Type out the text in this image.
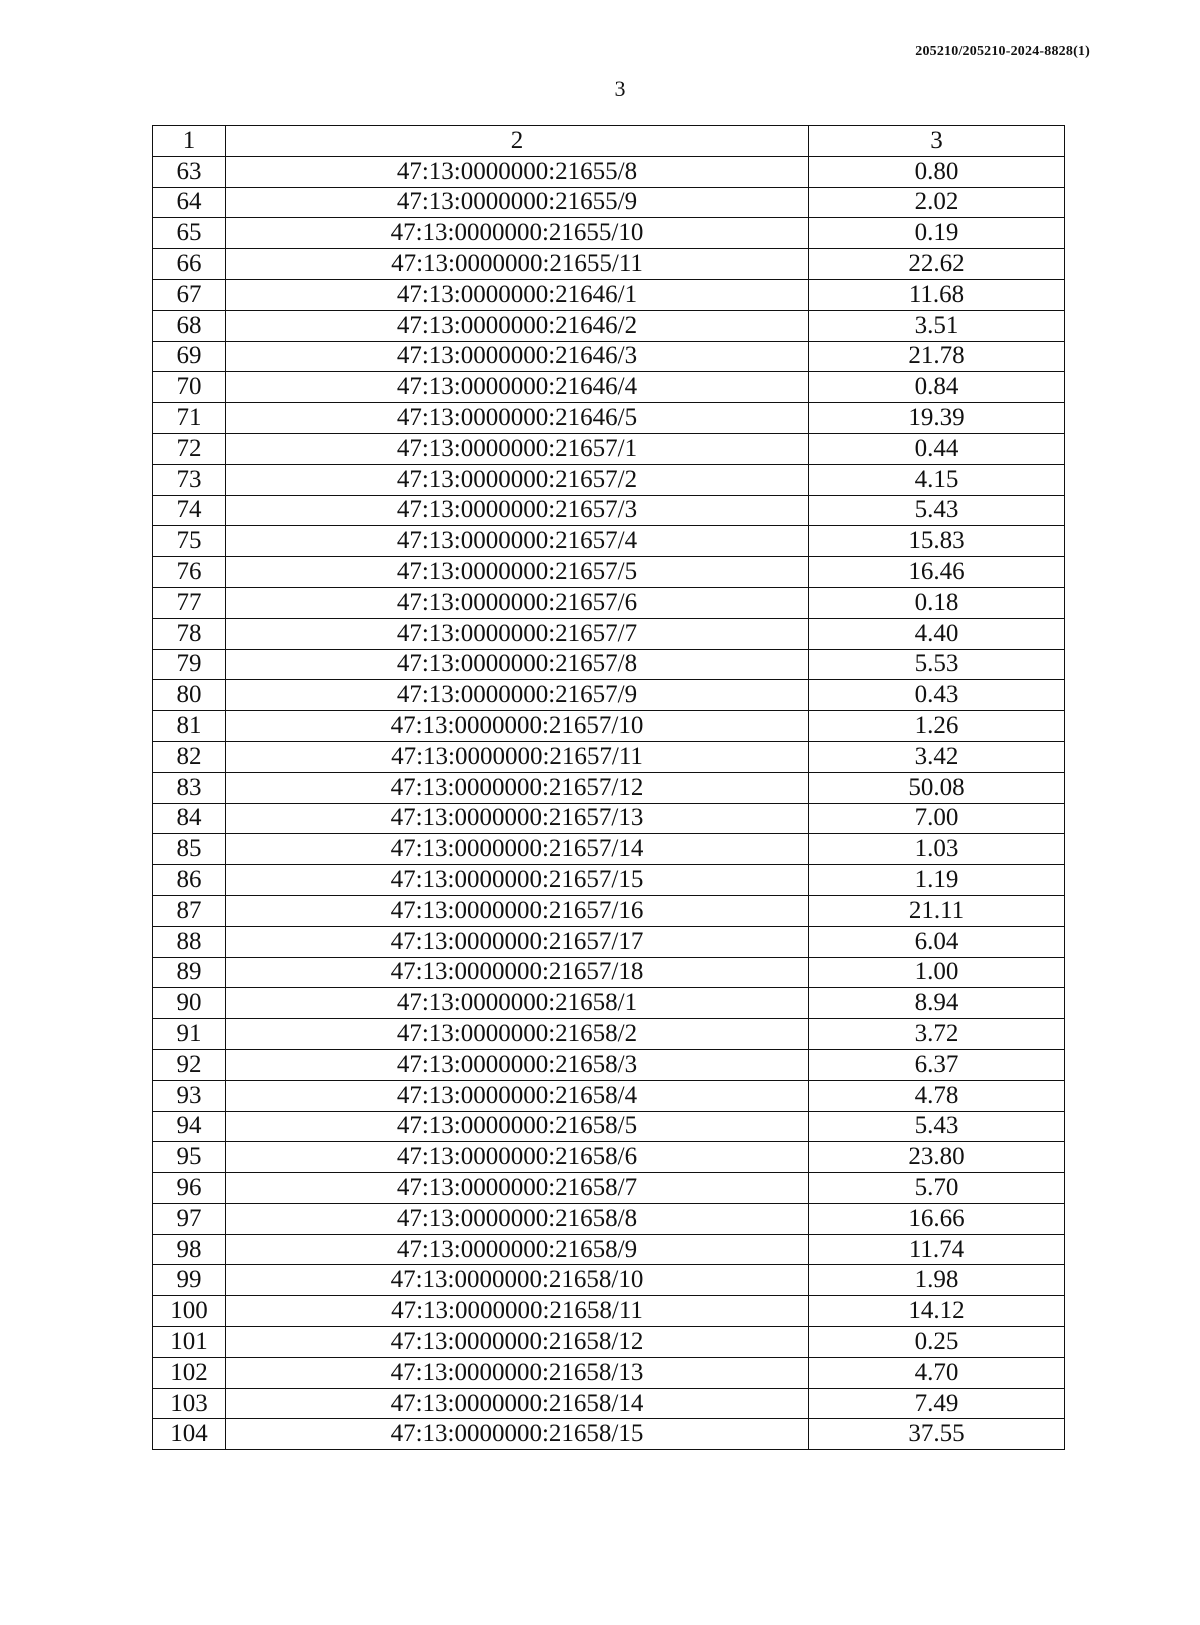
205210/205210-2024-8828(1)
3
1	2	3
63	47:13:0000000:21655/8	0.80
64	47:13:0000000:21655/9	2.02
65	47:13:0000000:21655/10	0.19
66	47:13:0000000:21655/11	22.62
67	47:13:0000000:21646/1	11.68
68	47:13:0000000:21646/2	3.51
69	47:13:0000000:21646/3	21.78
70	47:13:0000000:21646/4	0.84
71	47:13:0000000:21646/5	19.39
72	47:13:0000000:21657/1	0.44
73	47:13:0000000:21657/2	4.15
74	47:13:0000000:21657/3	5.43
75	47:13:0000000:21657/4	15.83
76	47:13:0000000:21657/5	16.46
77	47:13:0000000:21657/6	0.18
78	47:13:0000000:21657/7	4.40
79	47:13:0000000:21657/8	5.53
80	47:13:0000000:21657/9	0.43
81	47:13:0000000:21657/10	1.26
82	47:13:0000000:21657/11	3.42
83	47:13:0000000:21657/12	50.08
84	47:13:0000000:21657/13	7.00
85	47:13:0000000:21657/14	1.03
86	47:13:0000000:21657/15	1.19
87	47:13:0000000:21657/16	21.11
88	47:13:0000000:21657/17	6.04
89	47:13:0000000:21657/18	1.00
90	47:13:0000000:21658/1	8.94
91	47:13:0000000:21658/2	3.72
92	47:13:0000000:21658/3	6.37
93	47:13:0000000:21658/4	4.78
94	47:13:0000000:21658/5	5.43
95	47:13:0000000:21658/6	23.80
96	47:13:0000000:21658/7	5.70
97	47:13:0000000:21658/8	16.66
98	47:13:0000000:21658/9	11.74
99	47:13:0000000:21658/10	1.98
100	47:13:0000000:21658/11	14.12
101	47:13:0000000:21658/12	0.25
102	47:13:0000000:21658/13	4.70
103	47:13:0000000:21658/14	7.49
104	47:13:0000000:21658/15	37.55
